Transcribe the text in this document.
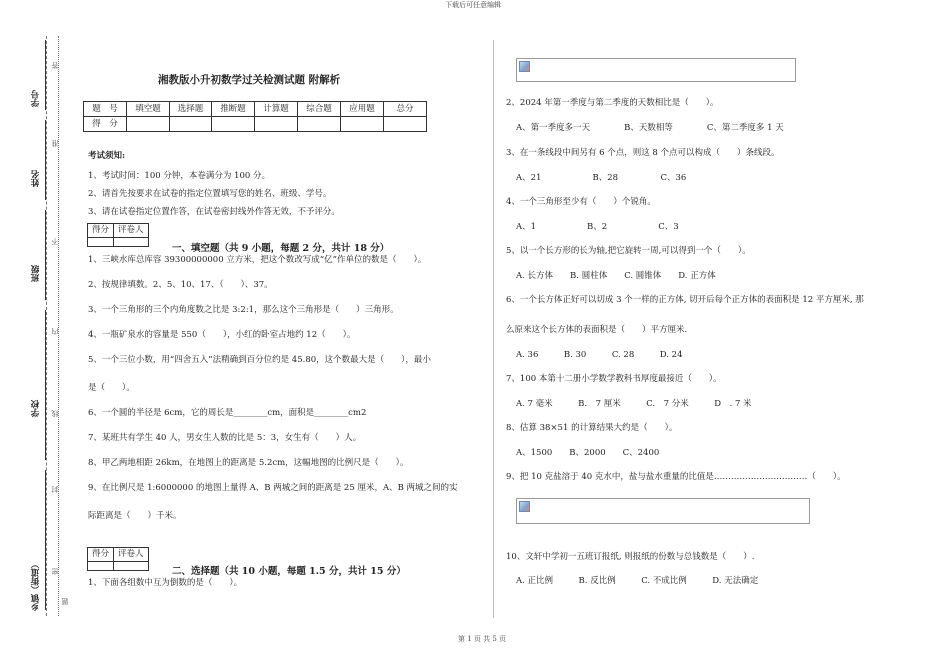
下载后可任意编辑
学号
姓名
班级
学校
乡镇（街道）
答
准
不
内
线
封
密
题
湘教版小升初数学过关检测试题 附解析
题　号	填空题	选择题	推断题	计算题	综合题	应用题	总分
得　分							
考试须知:
1、考试时间：100 分钟，本卷满分为 100 分。
2、请首先按要求在试卷的指定位置填写您的姓名、班级、学号。
3、请在试卷指定位置作答，在试卷密封线外作答无效，不予评分。
得分	评卷人

一、填空题（共 9 小题，每题 2 分，共计 18 分）
1、三峡水库总库容 39300000000 立方米，把这个数改写成“亿”作单位的数是（　　）。
2、按规律填数。2、5、10、17、（　　）、37。
3、一个三角形的三个内角度数之比是 3:2:1，那么这个三角形是（　　）三角形。
4、一瓶矿泉水的容量是 550（　　），小红的卧室占地约 12（　　）。
5、一个三位小数，用“四舍五入”法精确到百分位约是 45.80，这个数最大是（　　），最小
是（　　）。
6、一个圆的半径是 6cm，它的周长是________cm，面积是________cm2
7、某班共有学生 40 人，男女生人数的比是 5：3，女生有（　　）人。
8、甲乙两地相距 26km，在地图上的距离是 5.2cm，这幅地图的比例尺是（　　）。
9、在比例尺是 1:6000000 的地图上量得 A、B 两城之间的距离是 25 厘米，A、B 两城之间的实
际距离是（　　）千米。
得分	评卷人

二、选择题（共 10 小题，每题 1.5 分，共计 15 分）
1、下面各组数中互为倒数的是（　　）。
2、2024 年第一季度与第二季度的天数相比是（　　）。
A、第一季度多一天　　　　B、天数相等　　　　C、第二季度多 1 天
3、在一条线段中间另有 6 个点，则这 8 个点可以构成（　　）条线段。
A、21　　　　　　B、28　　　　　C、36
4、一个三角形至少有（　　）个锐角。
A、1　　　　　　B、2　　　　　　C、3
5、以一个长方形的长为轴,把它旋转一周,可以得到一个（　　）。
A. 长方体　　B. 圆柱体　　C. 圆锥体　　D. 正方体
6、一个长方体正好可以切成 3 个一样的正方体, 切开后每个正方体的表面积是 12 平方厘米, 那
么原来这个长方体的表面积是（　　）平方厘米.
A. 36　　　B. 30　　　C. 28　　　D. 24
7、100 本第十二册小学数学教科书厚度最接近（　　）。
A. 7 毫米　　　B.　7 厘米　　　C.　7 分米　　　D　. 7 米
8、估算 38×51 的计算结果大约是（　　）。
A、1500　　B、2000　　C、2400
9、把 10 克盐溶于 40 克水中，盐与盐水重量的比值是……………………………（　　）。
10、文轩中学初一五班订报纸, 则报纸的份数与总钱数是（　　）.
A. 正比例　　　B. 反比例　　　C. 不成比例　　　D. 无法确定
第 1 页 共 5 页
